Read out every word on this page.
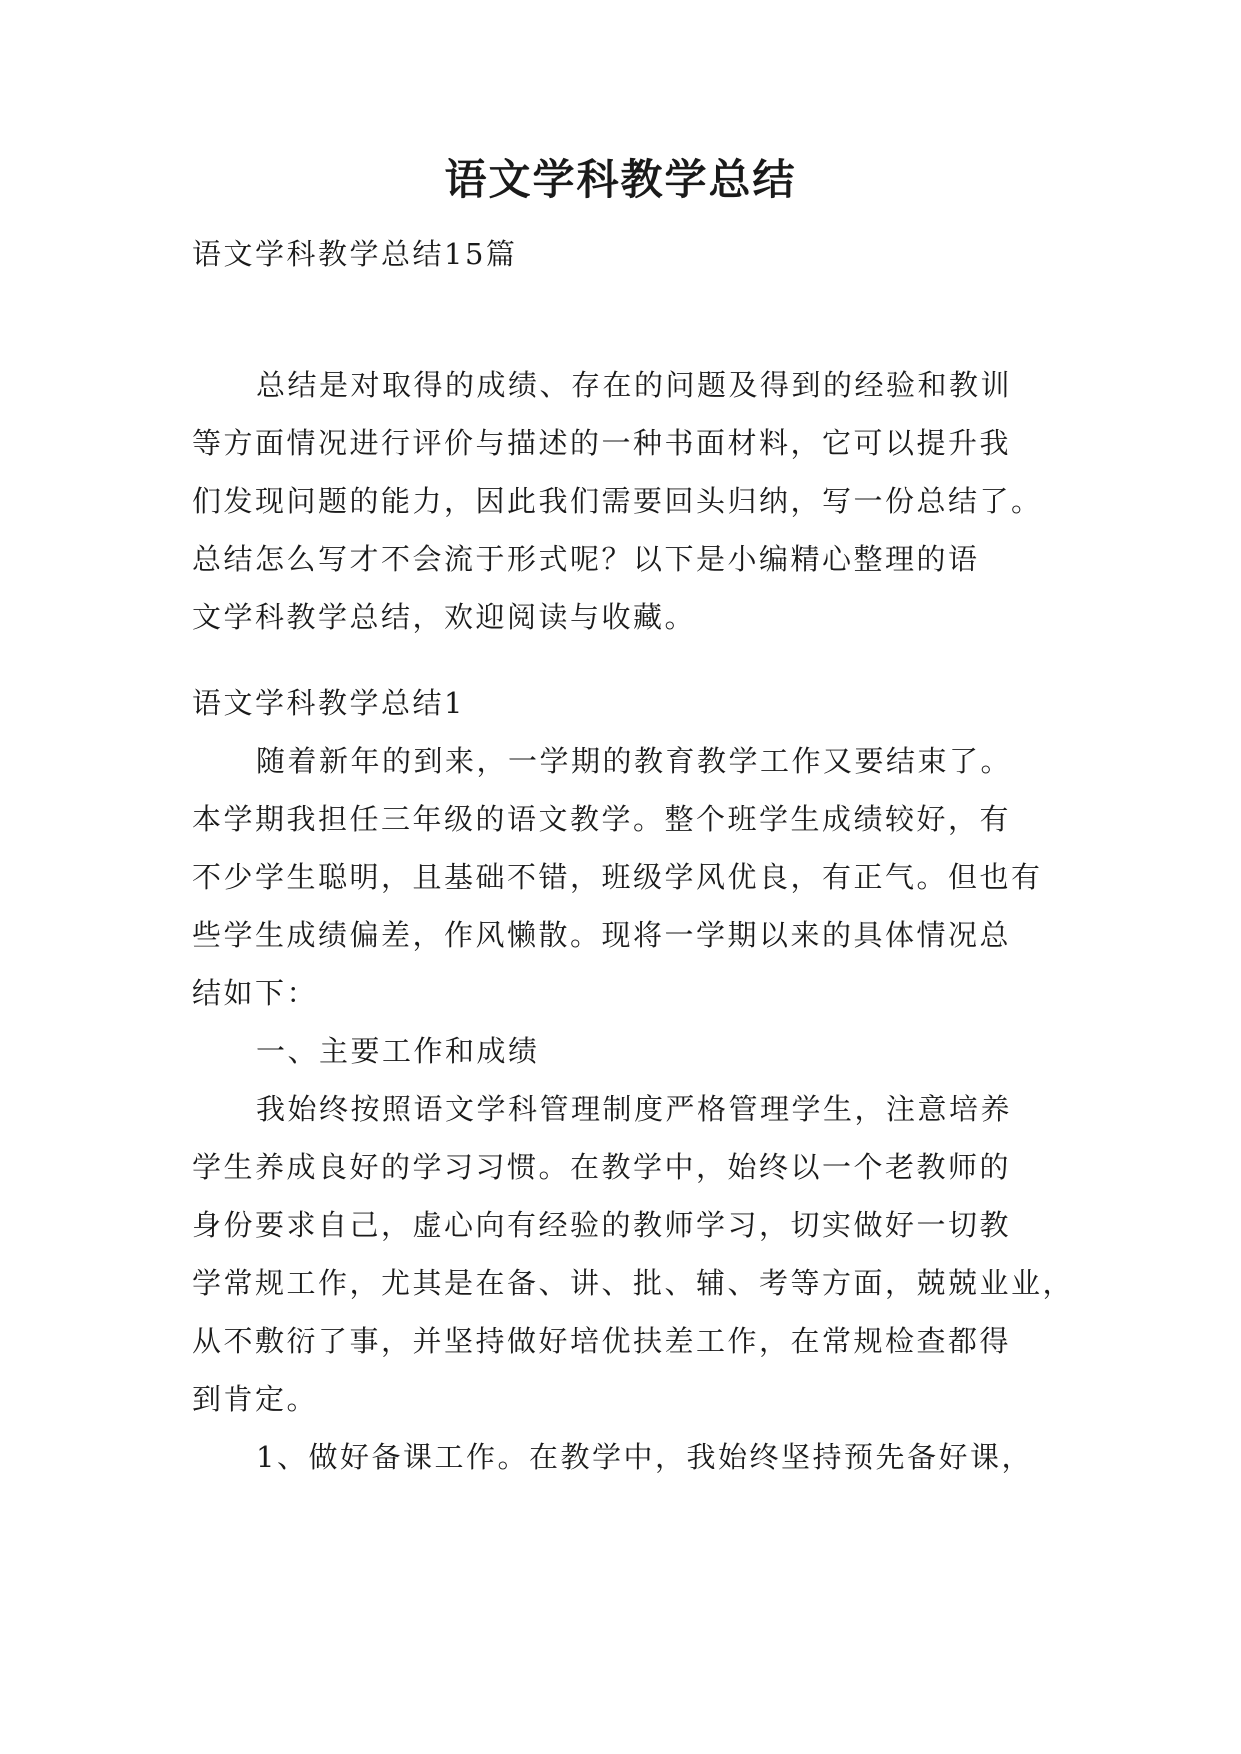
语文学科教学总结
语文学科教学总结15篇
总结是对取得的成绩、存在的问题及得到的经验和教训
等方面情况进行评价与描述的一种书面材料，它可以提升我
们发现问题的能力，因此我们需要回头归纳，写一份总结了。
总结怎么写才不会流于形式呢？以下是小编精心整理的语
文学科教学总结，欢迎阅读与收藏。
语文学科教学总结1
随着新年的到来，一学期的教育教学工作又要结束了。
本学期我担任三年级的语文教学。整个班学生成绩较好，有
不少学生聪明，且基础不错，班级学风优良，有正气。但也有
些学生成绩偏差，作风懒散。现将一学期以来的具体情况总
结如下：
一、主要工作和成绩
我始终按照语文学科管理制度严格管理学生，注意培养
学生养成良好的学习习惯。在教学中，始终以一个老教师的
身份要求自己，虚心向有经验的教师学习，切实做好一切教
学常规工作，尤其是在备、讲、批、辅、考等方面，兢兢业业，
从不敷衍了事，并坚持做好培优扶差工作，在常规检查都得
到肯定。
1、做好备课工作。在教学中，我始终坚持预先备好课，
